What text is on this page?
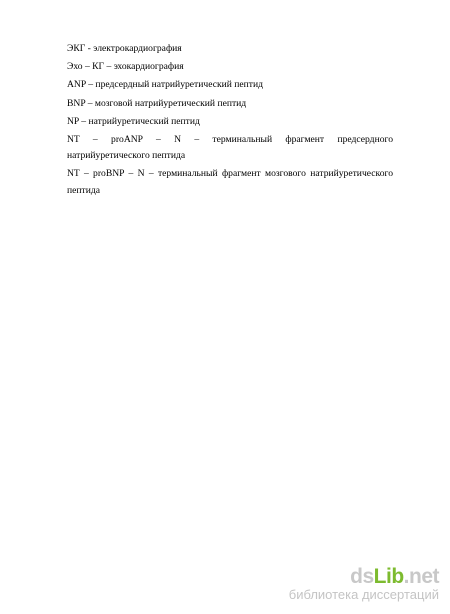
ЭКГ - электрокардиография
Эхо – КГ – эхокардиография
ANP – предсердный натрийуретический пептид
BNP – мозговой натрийуретический пептид
NP – натрийуретический пептид
NT – proANP – N – терминальный фрагмент предсердного
натрийуретического пептида
NT – proBNP – N – терминальный фрагмент мозгового натрийуретического
пептида
dsLib.net
библиотека диссертаций
